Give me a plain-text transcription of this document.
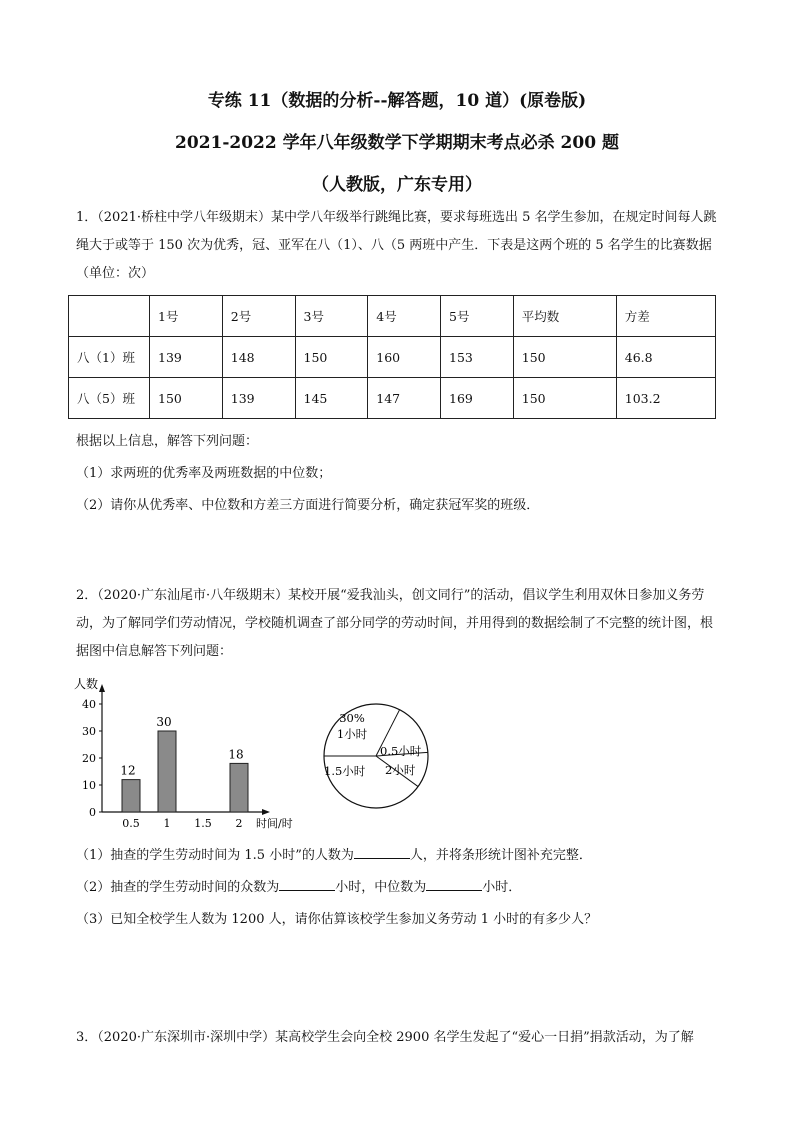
专练 11（数据的分析--解答题，10 道）(原卷版)
2021-2022 学年八年级数学下学期期末考点必杀 200 题
（人教版，广东专用）
1．（2021·桥柱中学八年级期末）某中学八年级举行跳绳比赛，要求每班选出 5 名学生参加，在规定时间每人跳绳大于或等于 150 次为优秀，冠、亚军在八（1）、八（5 两班中产生．下表是这两个班的 5 名学生的比赛数据（单位：次）
	1号	2号	3号	4号	5号	平均数	方差
八（1）班	139	148	150	160	153	150	46.8
八（5）班	150	139	145	147	169	150	103.2
根据以上信息，解答下列问题：
（1）求两班的优秀率及两班数据的中位数；
（2）请你从优秀率、中位数和方差三方面进行简要分析，确定获冠军奖的班级．
2．（2020·广东汕尾市·八年级期末）某校开展“爱我汕头，创文同行”的活动，倡议学生利用双休日参加义务劳动，为了解同学们劳动情况，学校随机调查了部分同学的劳动时间，并用得到的数据绘制了不完整的统计图，根据图中信息解答下列问题：
人数
时间/时
0
10
20
30
40
0.5
12
1
30
1.5 2
18
30%
1小时
0.5小时
2小时
1.5小时
（1）抽查的学生劳动时间为 1.5 小时”的人数为	人，并将条形统计图补充完整．
（2）抽查的学生劳动时间的众数为	小时，中位数为	小时．
（3）已知全校学生人数为 1200 人，请你估算该校学生参加义务劳动 1 小时的有多少人？
3．（2020·广东深圳市·深圳中学）某高校学生会向全校 2900 名学生发起了“爱心一日捐”捐款活动，为了解
